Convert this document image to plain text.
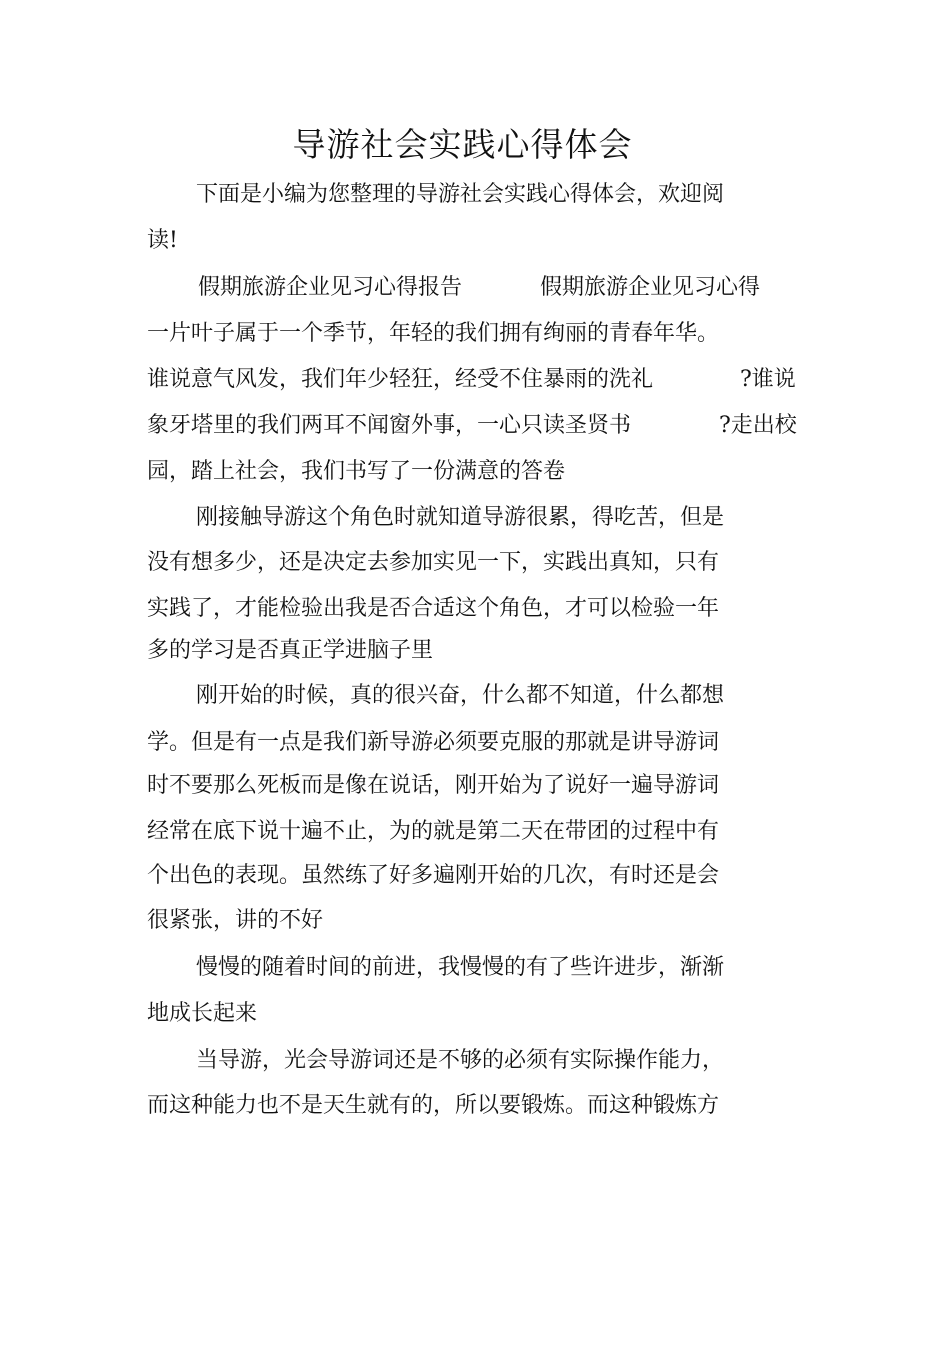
导游社会实践心得体会
下面是小编为您整理的导游社会实践心得体会，欢迎阅
读!
假期旅游企业见习心得报告	假期旅游企业见习心得
一片叶子属于一个季节，年轻的我们拥有绚丽的青春年华。
谁说意气风发，我们年少轻狂，经受不住暴雨的洗礼	?谁说
象牙塔里的我们两耳不闻窗外事，一心只读圣贤书	?走出校
园，踏上社会，我们书写了一份满意的答卷
刚接触导游这个角色时就知道导游很累，得吃苦，但是
没有想多少，还是决定去参加实见一下，实践出真知，只有
实践了，才能检验出我是否合适这个角色，才可以检验一年
多的学习是否真正学进脑子里
刚开始的时候，真的很兴奋，什么都不知道，什么都想
学。但是有一点是我们新导游必须要克服的那就是讲导游词
时不要那么死板而是像在说话，刚开始为了说好一遍导游词
经常在底下说十遍不止，为的就是第二天在带团的过程中有
个出色的表现。虽然练了好多遍刚开始的几次，有时还是会
很紧张，讲的不好
慢慢的随着时间的前进，我慢慢的有了些许进步，渐渐
地成长起来
当导游，光会导游词还是不够的必须有实际操作能力，
而这种能力也不是天生就有的，所以要锻炼。而这种锻炼方
